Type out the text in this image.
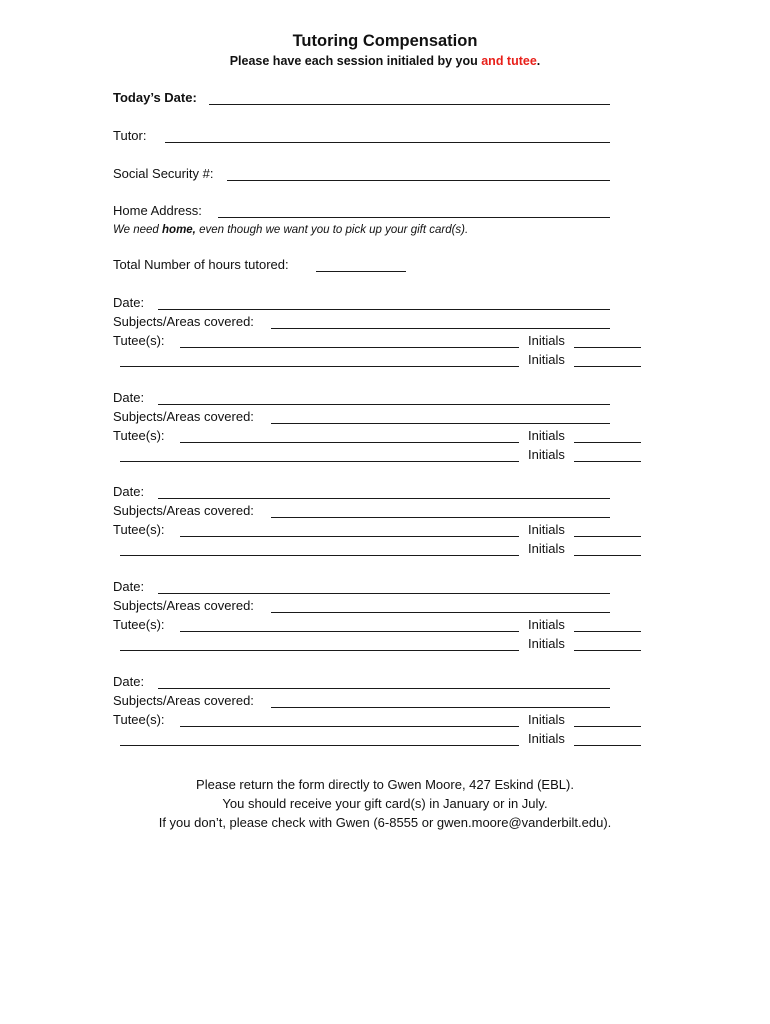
Tutoring Compensation
Please have each session initialed by you and tutee.
Today’s Date:
Tutor:
Social Security #:
Home Address:
We need home, even though we want you to pick up your gift card(s).
Total Number of hours tutored:
Date:
Subjects/Areas covered:
Tutee(s):	Initials
Initials
Date:
Subjects/Areas covered:
Tutee(s):	Initials
Initials
Date:
Subjects/Areas covered:
Tutee(s):	Initials
Initials
Date:
Subjects/Areas covered:
Tutee(s):	Initials
Initials
Date:
Subjects/Areas covered:
Tutee(s):	Initials
Initials
Please return the form directly to Gwen Moore, 427 Eskind (EBL).
You should receive your gift card(s) in January or in July.
If you don’t, please check with Gwen (6-8555 or gwen.moore@vanderbilt.edu).
